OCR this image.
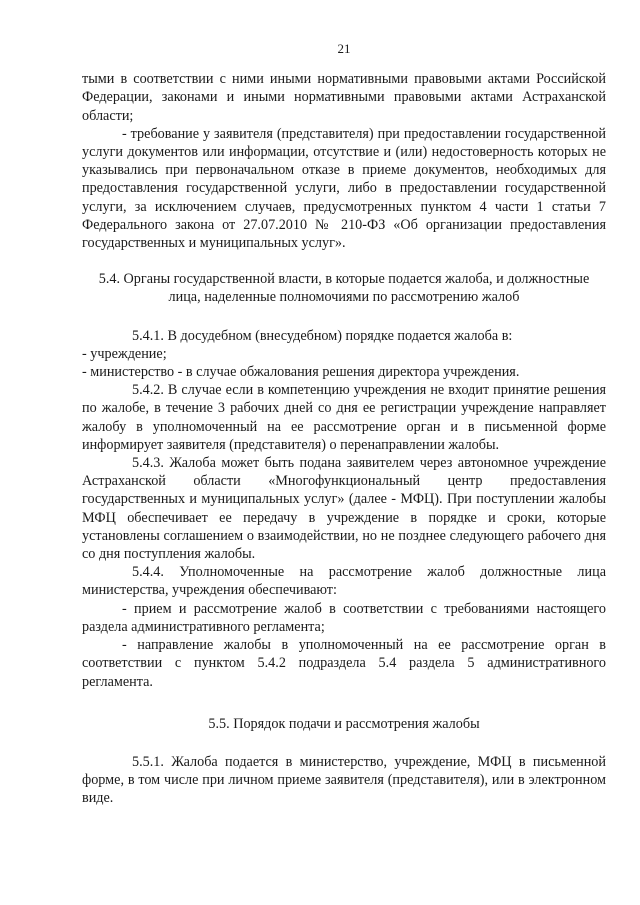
21

тыми в соответствии с ними иными нормативными правовыми актами Российской Федерации, законами и иными нормативными правовыми актами Астраханской области;

- требование у заявителя (представителя) при предоставлении государственной услуги документов или информации, отсутствие и (или) недостоверность которых не указывались при первоначальном отказе в приеме документов, необходимых для предоставления государственной услуги, либо в предоставлении государственной услуги, за исключением случаев, предусмотренных пунктом 4 части 1 статьи 7 Федерального закона от 27.07.2010 № 210-ФЗ «Об организации предоставления государственных и муниципальных услуг».

5.4. Органы государственной власти, в которые подается жалоба, и должностные лица, наделенные полномочиями по рассмотрению жалоб

5.4.1. В досудебном (внесудебном) порядке подается жалоба в:

- учреждение;

- министерство - в случае обжалования решения директора учреждения.

5.4.2. В случае если в компетенцию учреждения не входит принятие решения по жалобе, в течение 3 рабочих дней со дня ее регистрации учреждение направляет жалобу в уполномоченный на ее рассмотрение орган и в письменной форме информирует заявителя (представителя) о перенаправлении жалобы.

5.4.3. Жалоба может быть подана заявителем через автономное учреждение Астраханской области «Многофункциональный центр предоставления государственных и муниципальных услуг» (далее - МФЦ). При поступлении жалобы МФЦ обеспечивает ее передачу в учреждение в порядке и сроки, которые установлены соглашением о взаимодействии, но не позднее следующего рабочего дня со дня поступления жалобы.

5.4.4. Уполномоченные на рассмотрение жалоб должностные лица министерства, учреждения обеспечивают:

- прием и рассмотрение жалоб в соответствии с требованиями настоящего раздела административного регламента;

- направление жалобы в уполномоченный на ее рассмотрение орган в соответствии с пунктом 5.4.2 подраздела 5.4 раздела 5 административного регламента.

5.5. Порядок подачи и рассмотрения жалобы

5.5.1. Жалоба подается в министерство, учреждение, МФЦ в письменной форме, в том числе при личном приеме заявителя (представителя), или в электронном виде.
